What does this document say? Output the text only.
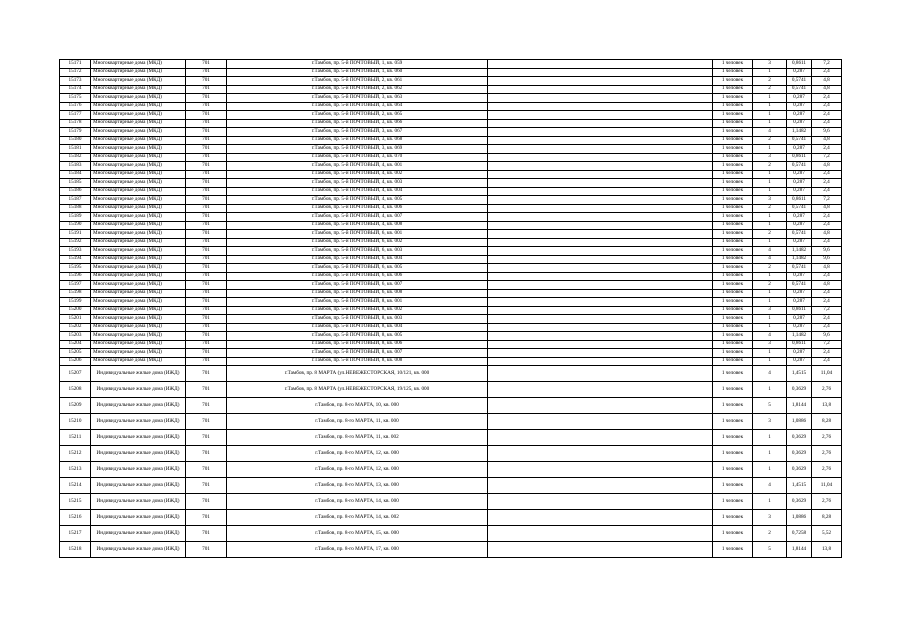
15171	Многоквартирные дома (МКД)	701	г.Тамбов, пр. 5-й ПОЧТОВЫЙ, 1, кв. 059		1 человек	3	0,8611	7,2
15172	Многоквартирные дома (МКД)	701	г.Тамбов, пр. 5-й ПОЧТОВЫЙ, 1, кв. 060		1 человек	1	0,287	2,4
15173	Многоквартирные дома (МКД)	701	г.Тамбов, пр. 5-й ПОЧТОВЫЙ, 2, кв. 061		1 человек	2	0,5741	4,8
15174	Многоквартирные дома (МКД)	701	г.Тамбов, пр. 5-й ПОЧТОВЫЙ, 2, кв. 062		1 человек	2	0,5741	4,8
15175	Многоквартирные дома (МКД)	701	г.Тамбов, пр. 5-й ПОЧТОВЫЙ, 3, кв. 063		1 человек	1	0,287	2,4
15176	Многоквартирные дома (МКД)	701	г.Тамбов, пр. 5-й ПОЧТОВЫЙ, 3, кв. 064		1 человек	1	0,287	2,4
15177	Многоквартирные дома (МКД)	701	г.Тамбов, пр. 5-й ПОЧТОВЫЙ, 2, кв. 065		1 человек	1	0,287	2,4
15178	Многоквартирные дома (МКД)	701	г.Тамбов, пр. 5-й ПОЧТОВЫЙ, 3, кв. 066		1 человек	1	0,287	2,4
15179	Многоквартирные дома (МКД)	701	г.Тамбов, пр. 5-й ПОЧТОВЫЙ, 3, кв. 067		1 человек	4	1,1482	9,6
15180	Многоквартирные дома (МКД)	701	г.Тамбов, пр. 5-й ПОЧТОВЫЙ, 3, кв. 068		1 человек	2	0,5741	4,8
15181	Многоквартирные дома (МКД)	701	г.Тамбов, пр. 5-й ПОЧТОВЫЙ, 3, кв. 069		1 человек	1	0,287	2,4
15182	Многоквартирные дома (МКД)	701	г.Тамбов, пр. 5-й ПОЧТОВЫЙ, 3, кв. 070		1 человек	3	0,8611	7,2
15183	Многоквартирные дома (МКД)	701	г.Тамбов, пр. 5-й ПОЧТОВЫЙ, 4, кв. 001		1 человек	2	0,5741	4,8
15184	Многоквартирные дома (МКД)	701	г.Тамбов, пр. 5-й ПОЧТОВЫЙ, 4, кв. 002		1 человек	1	0,287	2,4
15185	Многоквартирные дома (МКД)	701	г.Тамбов, пр. 5-й ПОЧТОВЫЙ, 4, кв. 003		1 человек	1	0,287	2,4
15186	Многоквартирные дома (МКД)	701	г.Тамбов, пр. 5-й ПОЧТОВЫЙ, 4, кв. 004		1 человек	1	0,287	2,4
15187	Многоквартирные дома (МКД)	701	г.Тамбов, пр. 5-й ПОЧТОВЫЙ, 4, кв. 005		1 человек	3	0,8611	7,2
15188	Многоквартирные дома (МКД)	701	г.Тамбов, пр. 5-й ПОЧТОВЫЙ, 4, кв. 006		1 человек	2	0,5741	4,8
15189	Многоквартирные дома (МКД)	701	г.Тамбов, пр. 5-й ПОЧТОВЫЙ, 4, кв. 007		1 человек	1	0,287	2,4
15190	Многоквартирные дома (МКД)	701	г.Тамбов, пр. 5-й ПОЧТОВЫЙ, 4, кв. 008		1 человек	1	0,287	2,4
15191	Многоквартирные дома (МКД)	701	г.Тамбов, пр. 5-й ПОЧТОВЫЙ, 6, кв. 001		1 человек	2	0,5741	4,8
15192	Многоквартирные дома (МКД)	701	г.Тамбов, пр. 5-й ПОЧТОВЫЙ, 6, кв. 002		1 человек	1	0,287	2,4
15193	Многоквартирные дома (МКД)	701	г.Тамбов, пр. 5-й ПОЧТОВЫЙ, 6, кв. 003		1 человек	4	1,1482	9,6
15194	Многоквартирные дома (МКД)	701	г.Тамбов, пр. 5-й ПОЧТОВЫЙ, 6, кв. 004		1 человек	4	1,1482	9,6
15195	Многоквартирные дома (МКД)	701	г.Тамбов, пр. 5-й ПОЧТОВЫЙ, 6, кв. 005		1 человек	2	0,5741	4,8
15196	Многоквартирные дома (МКД)	701	г.Тамбов, пр. 5-й ПОЧТОВЫЙ, 6, кв. 006		1 человек	1	0,287	2,4
15197	Многоквартирные дома (МКД)	701	г.Тамбов, пр. 5-й ПОЧТОВЫЙ, 6, кв. 007		1 человек	2	0,5741	4,8
15198	Многоквартирные дома (МКД)	701	г.Тамбов, пр. 5-й ПОЧТОВЫЙ, 6, кв. 008		1 человек	1	0,287	2,4
15199	Многоквартирные дома (МКД)	701	г.Тамбов, пр. 5-й ПОЧТОВЫЙ, 8, кв. 001		1 человек	1	0,287	2,4
15200	Многоквартирные дома (МКД)	701	г.Тамбов, пр. 5-й ПОЧТОВЫЙ, 8, кв. 002		1 человек	3	0,8611	7,2
15201	Многоквартирные дома (МКД)	701	г.Тамбов, пр. 5-й ПОЧТОВЫЙ, 8, кв. 003		1 человек	1	0,287	2,4
15202	Многоквартирные дома (МКД)	701	г.Тамбов, пр. 5-й ПОЧТОВЫЙ, 8, кв. 004		1 человек	1	0,287	2,4
15203	Многоквартирные дома (МКД)	701	г.Тамбов, пр. 5-й ПОЧТОВЫЙ, 8, кв. 005		1 человек	4	1,1482	9,6
15204	Многоквартирные дома (МКД)	701	г.Тамбов, пр. 5-й ПОЧТОВЫЙ, 8, кв. 006		1 человек	3	0,8611	7,2
15205	Многоквартирные дома (МКД)	701	г.Тамбов, пр. 5-й ПОЧТОВЫЙ, 8, кв. 007		1 человек	1	0,287	2,4
15206	Многоквартирные дома (МКД)	701	г.Тамбов, пр. 5-й ПОЧТОВЫЙ, 8, кв. 008		1 человек	1	0,287	2,4
15207	Индивидуальные жилые дома (ИЖД)	701	г.Тамбов, пр. 8 МАРТА (ул.НЕВЕЖЕСТОРСКАЯ, 10/121, кв. 000		1 человек	4	1,4515	11,04
15208	Индивидуальные жилые дома (ИЖД)	701	г.Тамбов, пр. 8 МАРТА (ул.НЕВЕЖЕСТОРСКАЯ, 19/125, кв. 000		1 человек	1	0,3629	2,76
15209	Индивидуальные жилые дома (ИЖД)	701	г.Тамбов, пр. 8-го МАРТА, 10, кв. 000		1 человек	5	1,8144	13,8
15210	Индивидуальные жилые дома (ИЖД)	701	г.Тамбов, пр. 8-го МАРТА, 11, кв. 000		1 человек	3	1,0886	8,28
15211	Индивидуальные жилые дома (ИЖД)	701	г.Тамбов, пр. 8-го МАРТА, 11, кв. 002		1 человек	1	0,3629	2,76
15212	Индивидуальные жилые дома (ИЖД)	701	г.Тамбов, пр. 8-го МАРТА, 12, кв. 000		1 человек	1	0,3629	2,76
15213	Индивидуальные жилые дома (ИЖД)	701	г.Тамбов, пр. 8-го МАРТА, 12, кв. 000		1 человек	1	0,3629	2,76
15214	Индивидуальные жилые дома (ИЖД)	701	г.Тамбов, пр. 8-го МАРТА, 13, кв. 000		1 человек	4	1,4515	11,04
15215	Индивидуальные жилые дома (ИЖД)	701	г.Тамбов, пр. 8-го МАРТА, 14, кв. 000		1 человек	1	0,3629	2,76
15216	Индивидуальные жилые дома (ИЖД)	701	г.Тамбов, пр. 8-го МАРТА, 14, кв. 002		1 человек	3	1,0886	8,28
15217	Индивидуальные жилые дома (ИЖД)	701	г.Тамбов, пр. 8-го МАРТА, 15, кв. 000		1 человек	2	0,7258	5,52
15218	Индивидуальные жилые дома (ИЖД)	701	г.Тамбов, пр. 8-го МАРТА, 17, кв. 000		1 человек	5	1,8144	13,8
